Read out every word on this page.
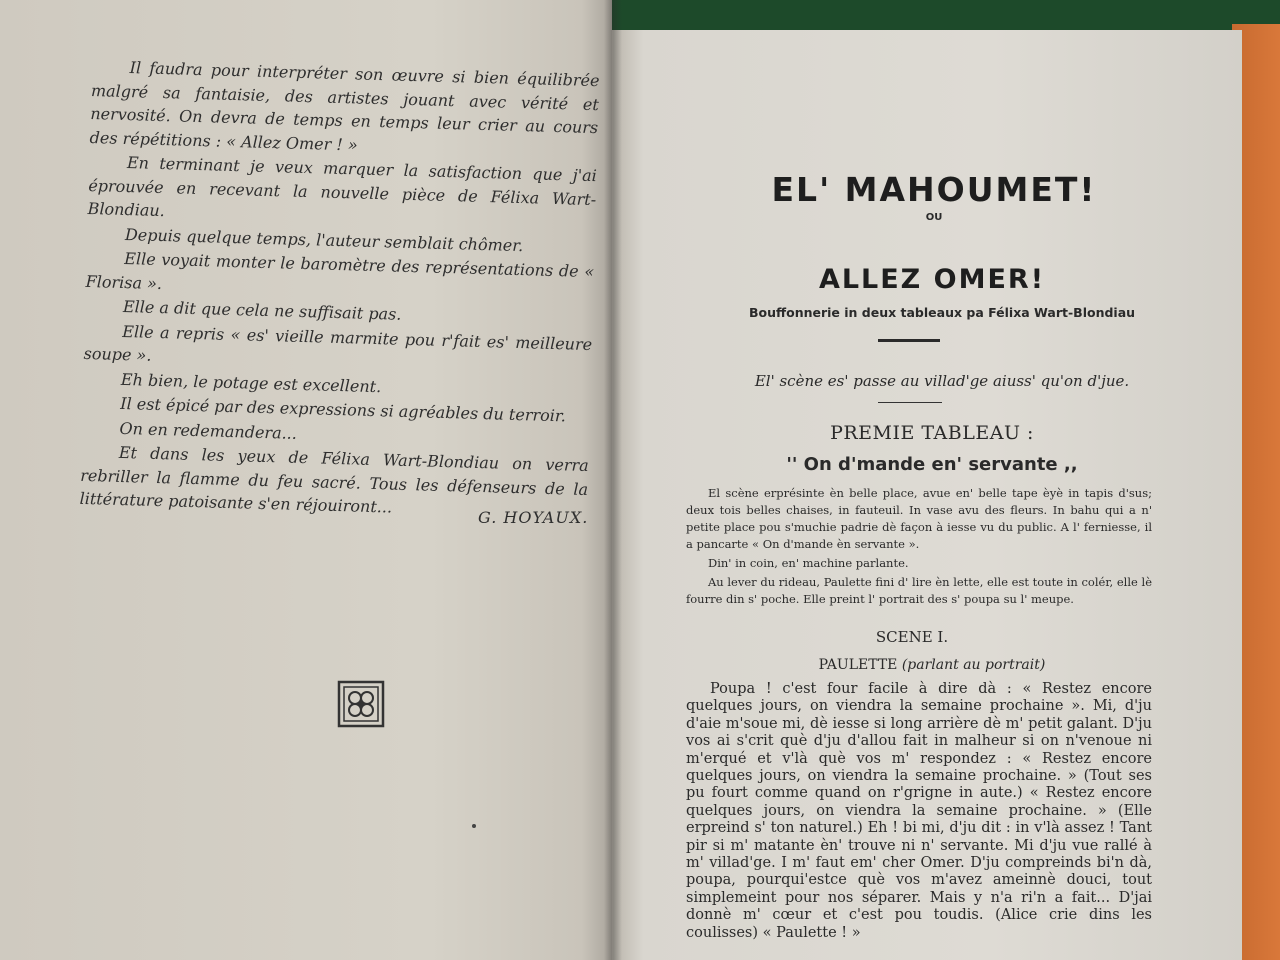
Il faudra pour interpréter son œuvre si bien équilibrée malgré sa fantaisie, des artistes jouant avec vérité et nervosité. On devra de temps en temps leur crier au cours des répétitions : « Allez Omer ! »

En terminant je veux marquer la satisfaction que j'ai éprouvée en recevant la nouvelle pièce de Félixa Wart-Blondiau.

Depuis quelque temps, l'auteur semblait chômer.

Elle voyait monter le baromètre des représentations de « Florisa ».

Elle a dit que cela ne suffisait pas.

Elle a repris « es' vieille marmite pou r'fait es' meilleure soupe ».

Eh bien, le potage est excellent.

Il est épicé par des expressions si agréables du terroir.

On en redemandera...

Et dans les yeux de Félixa Wart-Blondiau on verra rebriller la flamme du feu sacré. Tous les défenseurs de la littérature patoisante s'en réjouiront...

G. HOYAUX.
EL' MAHOUMET!
OU
ALLEZ OMER!
Bouffonnerie in deux tableaux pa Félixa Wart-Blondiau
El' scène es' passe au villad'ge aiuss' qu'on d'jue.
PREMIE TABLEAU :
'' On d'mande en' servante ,,

El scène erprésinte èn belle place, avue en' belle tape èyè in tapis d'sus; deux tois belles chaises, in fauteuil. In vase avu des fleurs. In bahu qui a n' petite place pou s'muchie padrie dè façon à iesse vu du public. A l' ferniesse, il a pancarte « On d'mande èn servante ».

Din' in coin, en' machine parlante.

Au lever du rideau, Paulette fini d' lire èn lette, elle est toute in colér, elle lè fourre din s' poche. Elle preint l' portrait des s' poupa su l' meupe.

SCENE I.
PAULETTE (parlant au portrait)

Poupa ! c'est four facile à dire dà : « Restez encore quelques jours, on viendra la semaine prochaine ». Mi, d'ju d'aie m'soue mi, dè iesse si long arrière dè m' petit galant. D'ju vos ai s'crit què d'ju d'allou fait in malheur si on n'venoue ni m'erqué et v'là què vos m' respondez : « Restez encore quelques jours, on viendra la semaine prochaine. » (Tout ses pu fourt comme quand on r'grigne in aute.) « Restez encore quelques jours, on viendra la semaine prochaine. » (Elle erpreind s' ton naturel.) Eh ! bi mi, d'ju dit : in v'là assez ! Tant pir si m' matante èn' trouve ni n' servante. Mi d'ju vue rallé à m' villad'ge. I m' faut em' cher Omer. D'ju compreinds bi'n dà, poupa, pourqui'estce què vos m'avez ameinnè douci, tout simplemeint pour nos séparer. Mais y n'a ri'n a fait... D'jai donnè m' cœur et c'est pou toudis. (Alice crie dins les coulisses) « Paulette ! »
